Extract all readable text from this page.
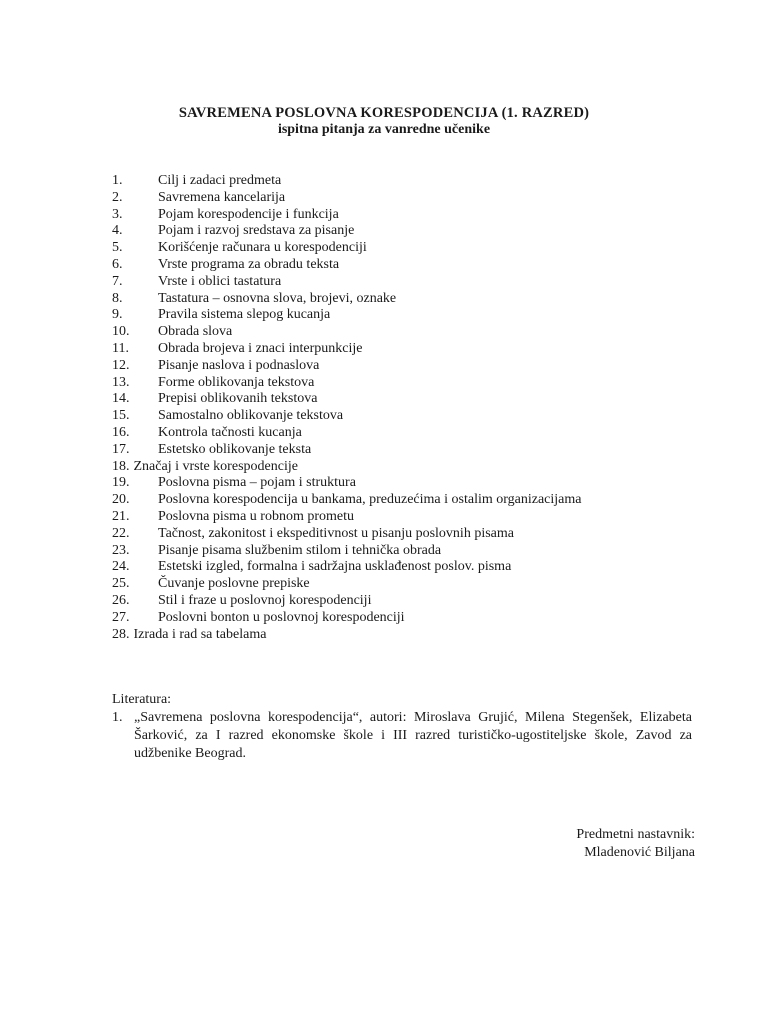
SAVREMENA POSLOVNA KORESPODENCIJA (1. RAZRED)
ispitna pitanja za vanredne učenike
1.	Cilj i zadaci predmeta
2.	Savremena kancelarija
3.	Pojam korespodencije i funkcija
4.	Pojam i razvoj sredstava za pisanje
5.	Korišćenje računara u korespodenciji
6.	Vrste programa za obradu teksta
7.	Vrste i oblici tastatura
8.	Tastatura – osnovna slova, brojevi, oznake
9.	Pravila sistema slepog kucanja
10. Obrada slova
11. Obrada brojeva i znaci interpunkcije
12. Pisanje naslova i podnaslova
13. Forme oblikovanja tekstova
14. Prepisi oblikovanih tekstova
15. Samostalno oblikovanje tekstova
16. Kontrola tačnosti kucanja
17. Estetsko oblikovanje teksta
18. Značaj i vrste korespodencije
19. Poslovna pisma – pojam i struktura
20. Poslovna korespodencija u bankama, preduzećima i ostalim organizacijama
21. Poslovna pisma u robnom prometu
22. Tačnost, zakonitost i ekspeditivnost u pisanju poslovnih pisama
23. Pisanje pisama službenim stilom i tehnička obrada
24. Estetski izgled, formalna i sadržajna usklađenost poslov. pisma
25. Čuvanje poslovne prepiske
26. Stil i fraze u poslovnoj korespodenciji
27. Poslovni bonton u poslovnoj korespodenciji
28. Izrada i rad sa tabelama
Literatura:
1. „Savremena poslovna korespodencija“, autori: Miroslava Grujić, Milena Stegenšek, Elizabeta Šarković, za I razred ekonomske škole i III razred turističko-ugostiteljske škole, Zavod za udžbenike Beograd.
Predmetni nastavnik:
Mladenović Biljana
